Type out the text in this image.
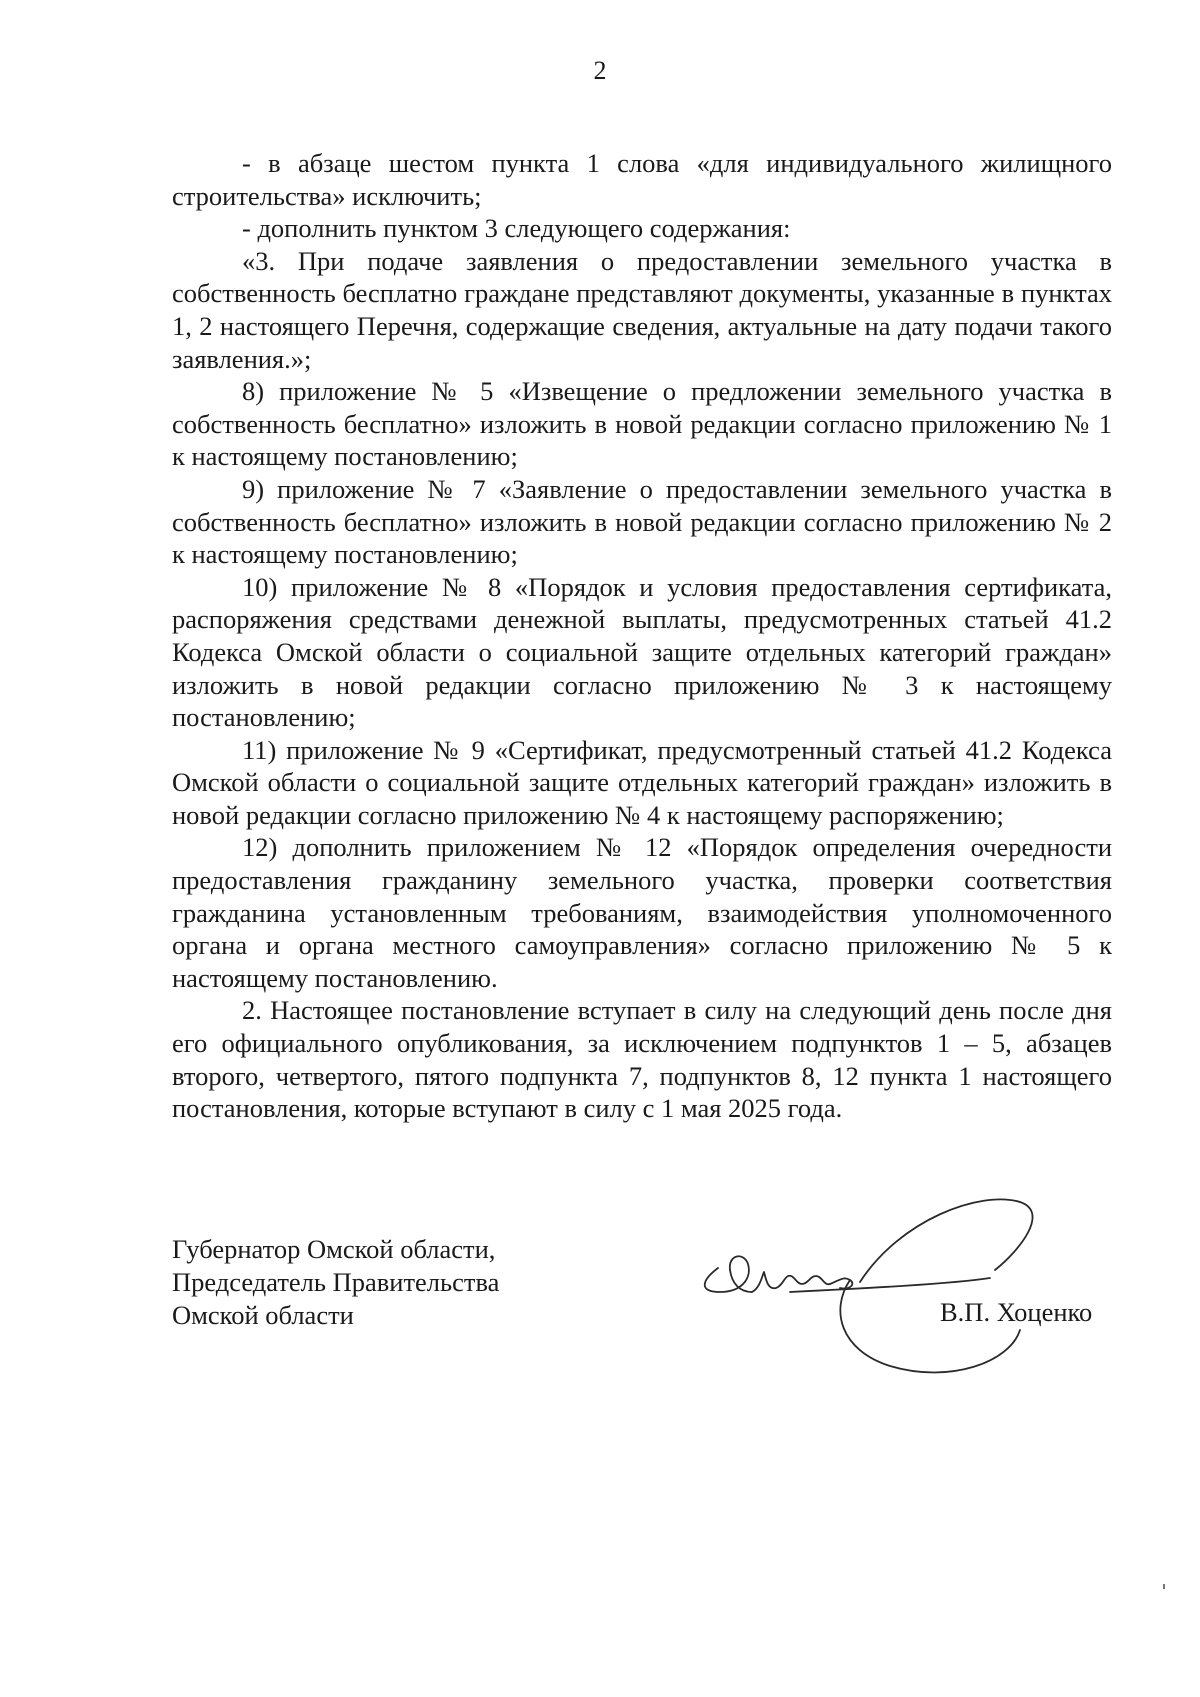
2

- в абзаце шестом пункта 1 слова «для индивидуального жилищного строительства» исключить;

- дополнить пунктом 3 следующего содержания:

«3. При подаче заявления о предоставлении земельного участка в собственность бесплатно граждане представляют документы, указанные в пунктах 1, 2 настоящего Перечня, содержащие сведения, актуальные на дату подачи такого заявления.»;

8) приложение № 5 «Извещение о предложении земельного участка в собственность бесплатно» изложить в новой редакции согласно приложению № 1 к настоящему постановлению;

9) приложение № 7 «Заявление о предоставлении земельного участка в собственность бесплатно» изложить в новой редакции согласно приложению № 2 к настоящему постановлению;

10) приложение № 8 «Порядок и условия предоставления сертификата, распоряжения средствами денежной выплаты, предусмотренных статьей 41.2 Кодекса Омской области о социальной защите отдельных категорий граждан» изложить в новой редакции согласно приложению № 3 к настоящему постановлению;

11) приложение № 9 «Сертификат, предусмотренный статьей 41.2 Кодекса Омской области о социальной защите отдельных категорий граждан» изложить в новой редакции согласно приложению № 4 к настоящему распоряжению;

12) дополнить приложением № 12 «Порядок определения очередности предоставления гражданину земельного участка, проверки соответствия гражданина установленным требованиям, взаимодействия уполномоченного органа и органа местного самоуправления» согласно приложению № 5 к настоящему постановлению.

2. Настоящее постановление вступает в силу на следующий день после дня его официального опубликования, за исключением подпунктов 1 – 5, абзацев второго, четвертого, пятого подпункта 7, подпунктов 8, 12 пункта 1 настоящего постановления, которые вступают в силу с 1 мая 2025 года.

Губернатор Омской области,
Председатель Правительства
Омской области	В.П. Хоценко
